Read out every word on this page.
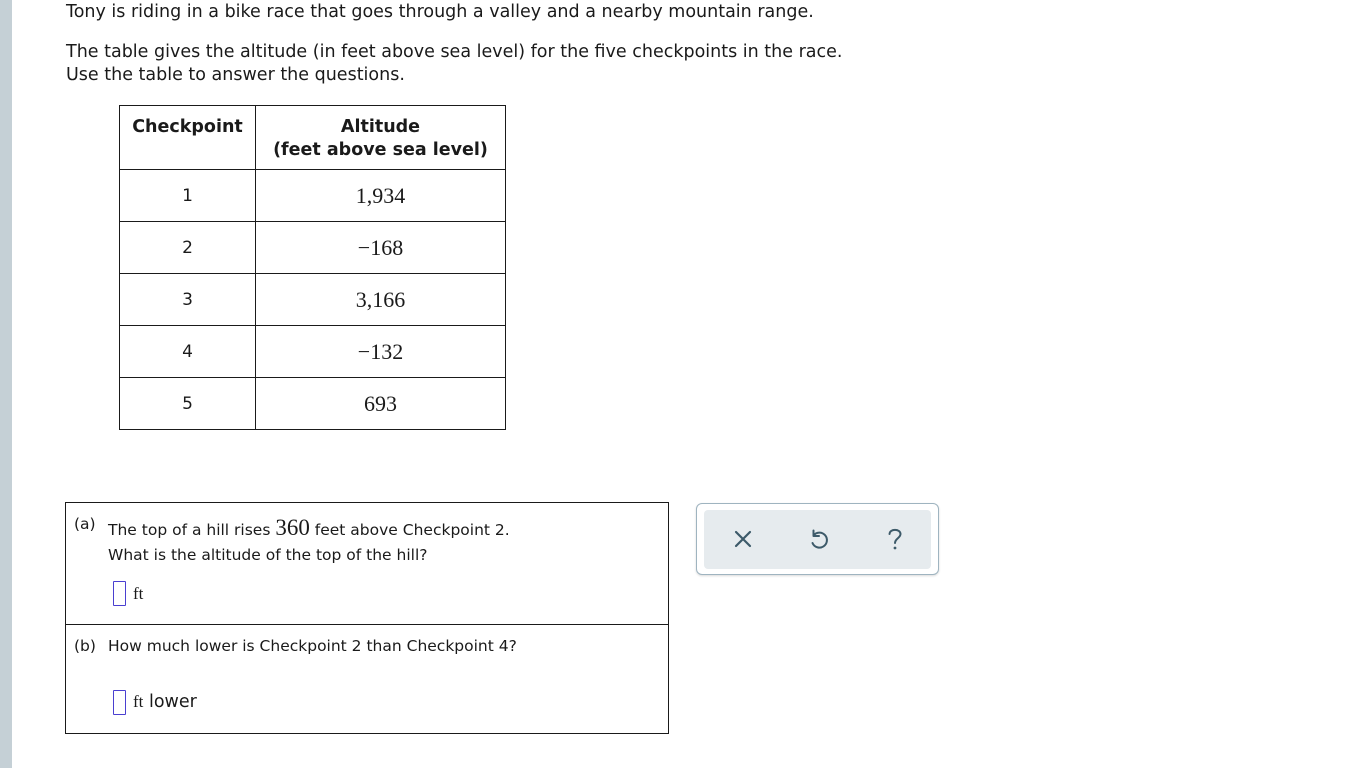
Tony is riding in a bike race that goes through a valley and a nearby mountain range.

The table gives the altitude (in feet above sea level) for the five checkpoints in the race.
Use the table to answer the questions.
Checkpoint	Altitude
(feet above sea level)

1	1,934
2	−168
3	3,166
4	−132
5	693
(a) The top of a hill rises 360 feet above Checkpoint 2.
What is the altitude of the top of the hill?
ft
(b) How much lower is Checkpoint 2 than Checkpoint 4?
ft lower
